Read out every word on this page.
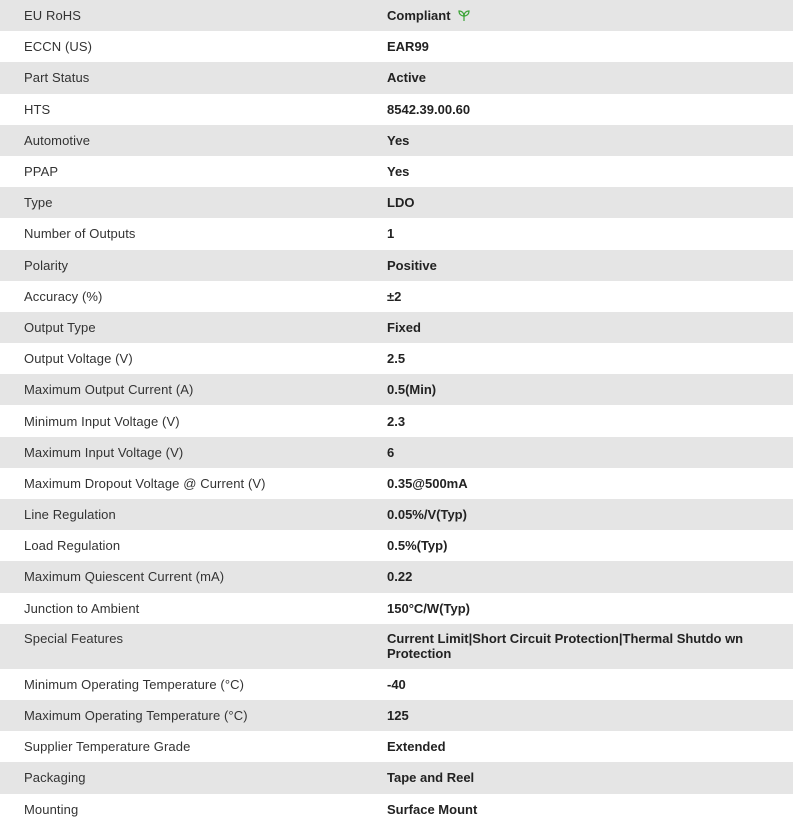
EU RoHS	Compliant
ECCN (US)	EAR99
Part Status	Active
HTS	8542.39.00.60
Automotive	Yes
PPAP	Yes
Type	LDO
Number of Outputs	1
Polarity	Positive
Accuracy (%)	±2
Output Type	Fixed
Output Voltage (V)	2.5
Maximum Output Current (A)	0.5(Min)
Minimum Input Voltage (V)	2.3
Maximum Input Voltage (V)	6
Maximum Dropout Voltage @ Current (V)	0.35@500mA
Line Regulation	0.05%/V(Typ)
Load Regulation	0.5%(Typ)
Maximum Quiescent Current (mA)	0.22
Junction to Ambient	150°C/W(Typ)
Special Features	Current Limit|Short Circuit Protection|Thermal Shutdo wn Protection
Minimum Operating Temperature (°C)	-40
Maximum Operating Temperature (°C)	125
Supplier Temperature Grade	Extended
Packaging	Tape and Reel
Mounting	Surface Mount
